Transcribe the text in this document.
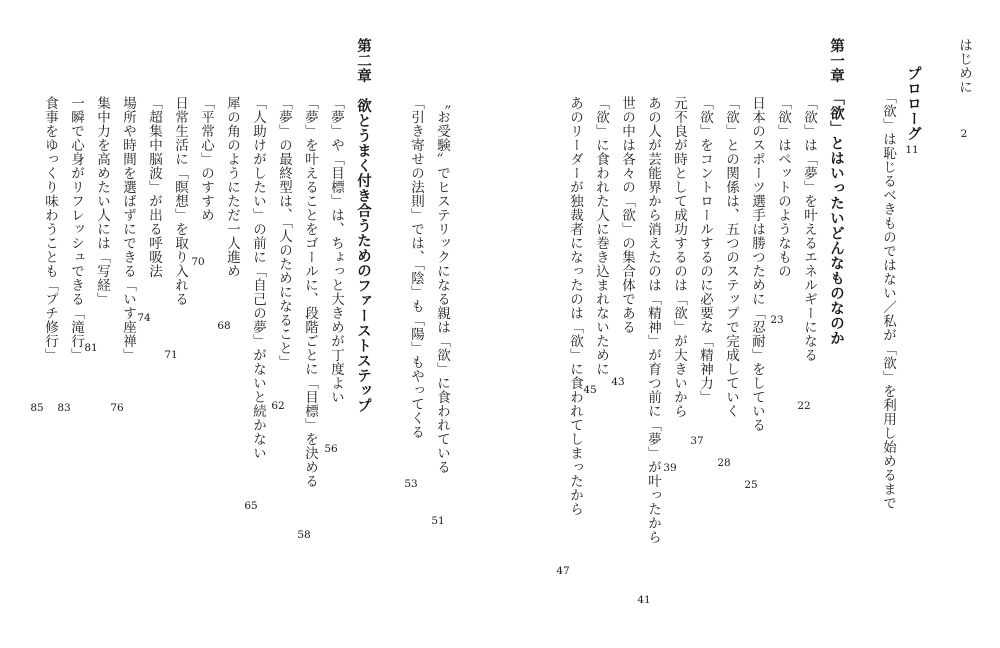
はじめに
2
プロローグ
11
「欲」は恥じるべきものではない／私が「欲」を利用し始めるまで
第一章　「欲」とはいったいどんなものなのか
「欲」は「夢」を叶えるエネルギーになる
22
「欲」はペットのようなもの
23
日本のスポーツ選手は勝つために「忍耐」をしている
25
「欲」との関係は、五つのステップで完成していく
28
「欲」をコントロールするのに必要な「精神力」
37
元不良が時として成功するのは「欲」が大きいから
39
あの人が芸能界から消えたのは「精神」が育つ前に「夢」が叶ったから
41
世の中は各々の「欲」の集合体である
43
「欲」に食われた人に巻き込まれないために
45
あのリーダーが独裁者になったのは「欲」に食われてしまったから
47
〝お受験〟でヒステリックになる親は「欲」に食われている
51
「引き寄せの法則」では、「陰」も「陽」もやってくる
53
第二章　欲とうまく付き合うためのファーストステップ
「夢」や「目標」は、ちょっと大きめが丁度よい
56
「夢」を叶えることをゴールに、段階ごとに「目標」を決める
58
「夢」の最終型は、「人のためになること」
62
「人助けがしたい」の前に「自己の夢」がないと続かない
65
犀の角のようにただ一人進め
68
「平常心」のすすめ
70
日常生活に「瞑想」を取り入れる
71
「超集中脳波」が出る呼吸法
74
場所や時間を選ばずにできる「いす座禅」
76
集中力を高めたい人には「写経」
81
一瞬で心身がリフレッシュできる「滝行」
83
食事をゆっくり味わうことも「プチ修行」
85
